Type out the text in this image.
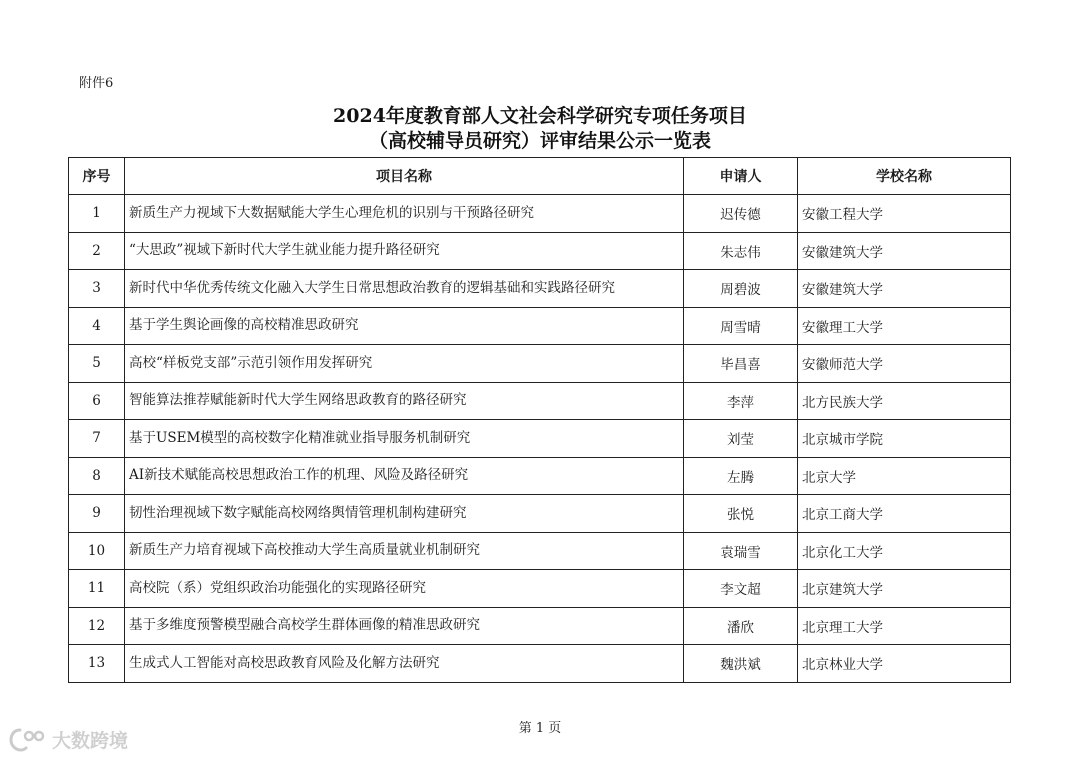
附件6
2024年度教育部人文社会科学研究专项任务项目
（高校辅导员研究）评审结果公示一览表
序号	项目名称	申请人	学校名称
1	新质生产力视域下大数据赋能大学生心理危机的识别与干预路径研究	迟传德	安徽工程大学
2	“大思政”视域下新时代大学生就业能力提升路径研究	朱志伟	安徽建筑大学
3	新时代中华优秀传统文化融入大学生日常思想政治教育的逻辑基础和实践路径研究	周碧波	安徽建筑大学
4	基于学生舆论画像的高校精准思政研究	周雪晴	安徽理工大学
5	高校“样板党支部”示范引领作用发挥研究	毕昌喜	安徽师范大学
6	智能算法推荐赋能新时代大学生网络思政教育的路径研究	李萍	北方民族大学
7	基于USEM模型的高校数字化精准就业指导服务机制研究	刘莹	北京城市学院
8	AI新技术赋能高校思想政治工作的机理、风险及路径研究	左腾	北京大学
9	韧性治理视域下数字赋能高校网络舆情管理机制构建研究	张悦	北京工商大学
10	新质生产力培育视域下高校推动大学生高质量就业机制研究	袁瑞雪	北京化工大学
11	高校院（系）党组织政治功能强化的实现路径研究	李文超	北京建筑大学
12	基于多维度预警模型融合高校学生群体画像的精准思政研究	潘欣	北京理工大学
13	生成式人工智能对高校思政教育风险及化解方法研究	魏洪斌	北京林业大学
第 1 页
大数跨境
